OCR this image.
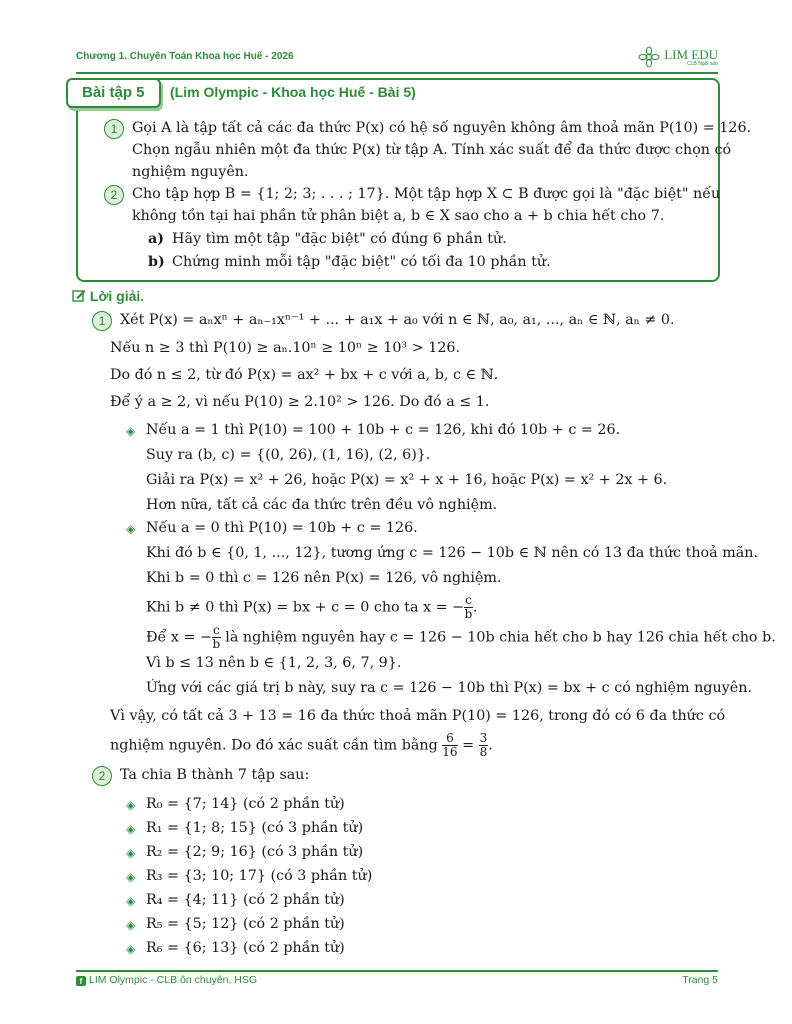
Chương 1. Chuyên Toán Khoa học Huế - 2026	LIM EDU
CLB Ngôi sao
Bài tập 5	(Lim Olympic - Khoa học Huế - Bài 5)
1	Gọi A là tập tất cả các đa thức P(x) có hệ số nguyên không âm thoả mãn P(10) = 126.
Chọn ngẫu nhiên một đa thức P(x) từ tập A. Tính xác suất để đa thức được chọn có
nghiệm nguyên.
2	Cho tập hợp B = {1; 2; 3; . . . ; 17}. Một tập hợp X ⊂ B được gọi là "đặc biệt" nếu
không tồn tại hai phần tử phân biệt a, b ∈ X sao cho a + b chia hết cho 7.
a) Hãy tìm một tập "đặc biệt" có đúng 6 phần tử.
b) Chứng minh mỗi tập "đặc biệt" có tối đa 10 phần tử.
Lời giải.
1	Xét P(x) = aₙxⁿ + aₙ₋₁xⁿ⁻¹ + ... + a₁x + a₀ với n ∈ ℕ, a₀, a₁, ..., aₙ ∈ ℕ, aₙ ≠ 0.
Nếu n ≥ 3 thì P(10) ≥ aₙ.10ⁿ ≥ 10ⁿ ≥ 10³ > 126.
Do đó n ≤ 2, từ đó P(x) = ax² + bx + c với a, b, c ∈ ℕ.
Để ý a ≥ 2, vì nếu P(10) ≥ 2.10² > 126. Do đó a ≤ 1.
◈ Nếu a = 1 thì P(10) = 100 + 10b + c = 126, khi đó 10b + c = 26.
Suy ra (b, c) = {(0, 26), (1, 16), (2, 6)}.
Giải ra P(x) = x² + 26, hoặc P(x) = x² + x + 16, hoặc P(x) = x² + 2x + 6.
Hơn nữa, tất cả các đa thức trên đều vô nghiệm.
◈ Nếu a = 0 thì P(10) = 10b + c = 126.
Khi đó b ∈ {0, 1, ..., 12}, tương ứng c = 126 − 10b ∈ ℕ nên có 13 đa thức thoả mãn.
Khi b = 0 thì c = 126 nên P(x) = 126, vô nghiệm.
Khi b ≠ 0 thì P(x) = bx + c = 0 cho ta x = − $\frac{c}{b}$ .
Để x = − $\frac{c}{b}$ là nghiệm nguyên hay c = 126 − 10b chia hết cho b hay 126 chia hết cho b.
Vì b ≤ 13 nên b ∈ {1, 2, 3, 6, 7, 9}.
Ứng với các giá trị b này, suy ra c = 126 − 10b thì P(x) = bx + c có nghiệm nguyên.
Vì vậy, có tất cả 3 + 13 = 16 đa thức thoả mãn P(10) = 126, trong đó có 6 đa thức có
nghiệm nguyên. Do đó xác suất cần tìm bằng $\frac{6}{16} = \frac{3}{8}$ .
2	Ta chia B thành 7 tập sau:
◈ R₀ = {7; 14} (có 2 phần tử)
◈ R₁ = {1; 8; 15} (có 3 phần tử)
◈ R₂ = {2; 9; 16} (có 3 phần tử)
◈ R₃ = {3; 10; 17} (có 3 phần tử)
◈ R₄ = {4; 11} (có 2 phần tử)
◈ R₅ = {5; 12} (có 2 phần tử)
◈ R₆ = {6; 13} (có 2 phần tử)
f LIM Olympic - CLB ôn chuyên, HSG	Trang 5
